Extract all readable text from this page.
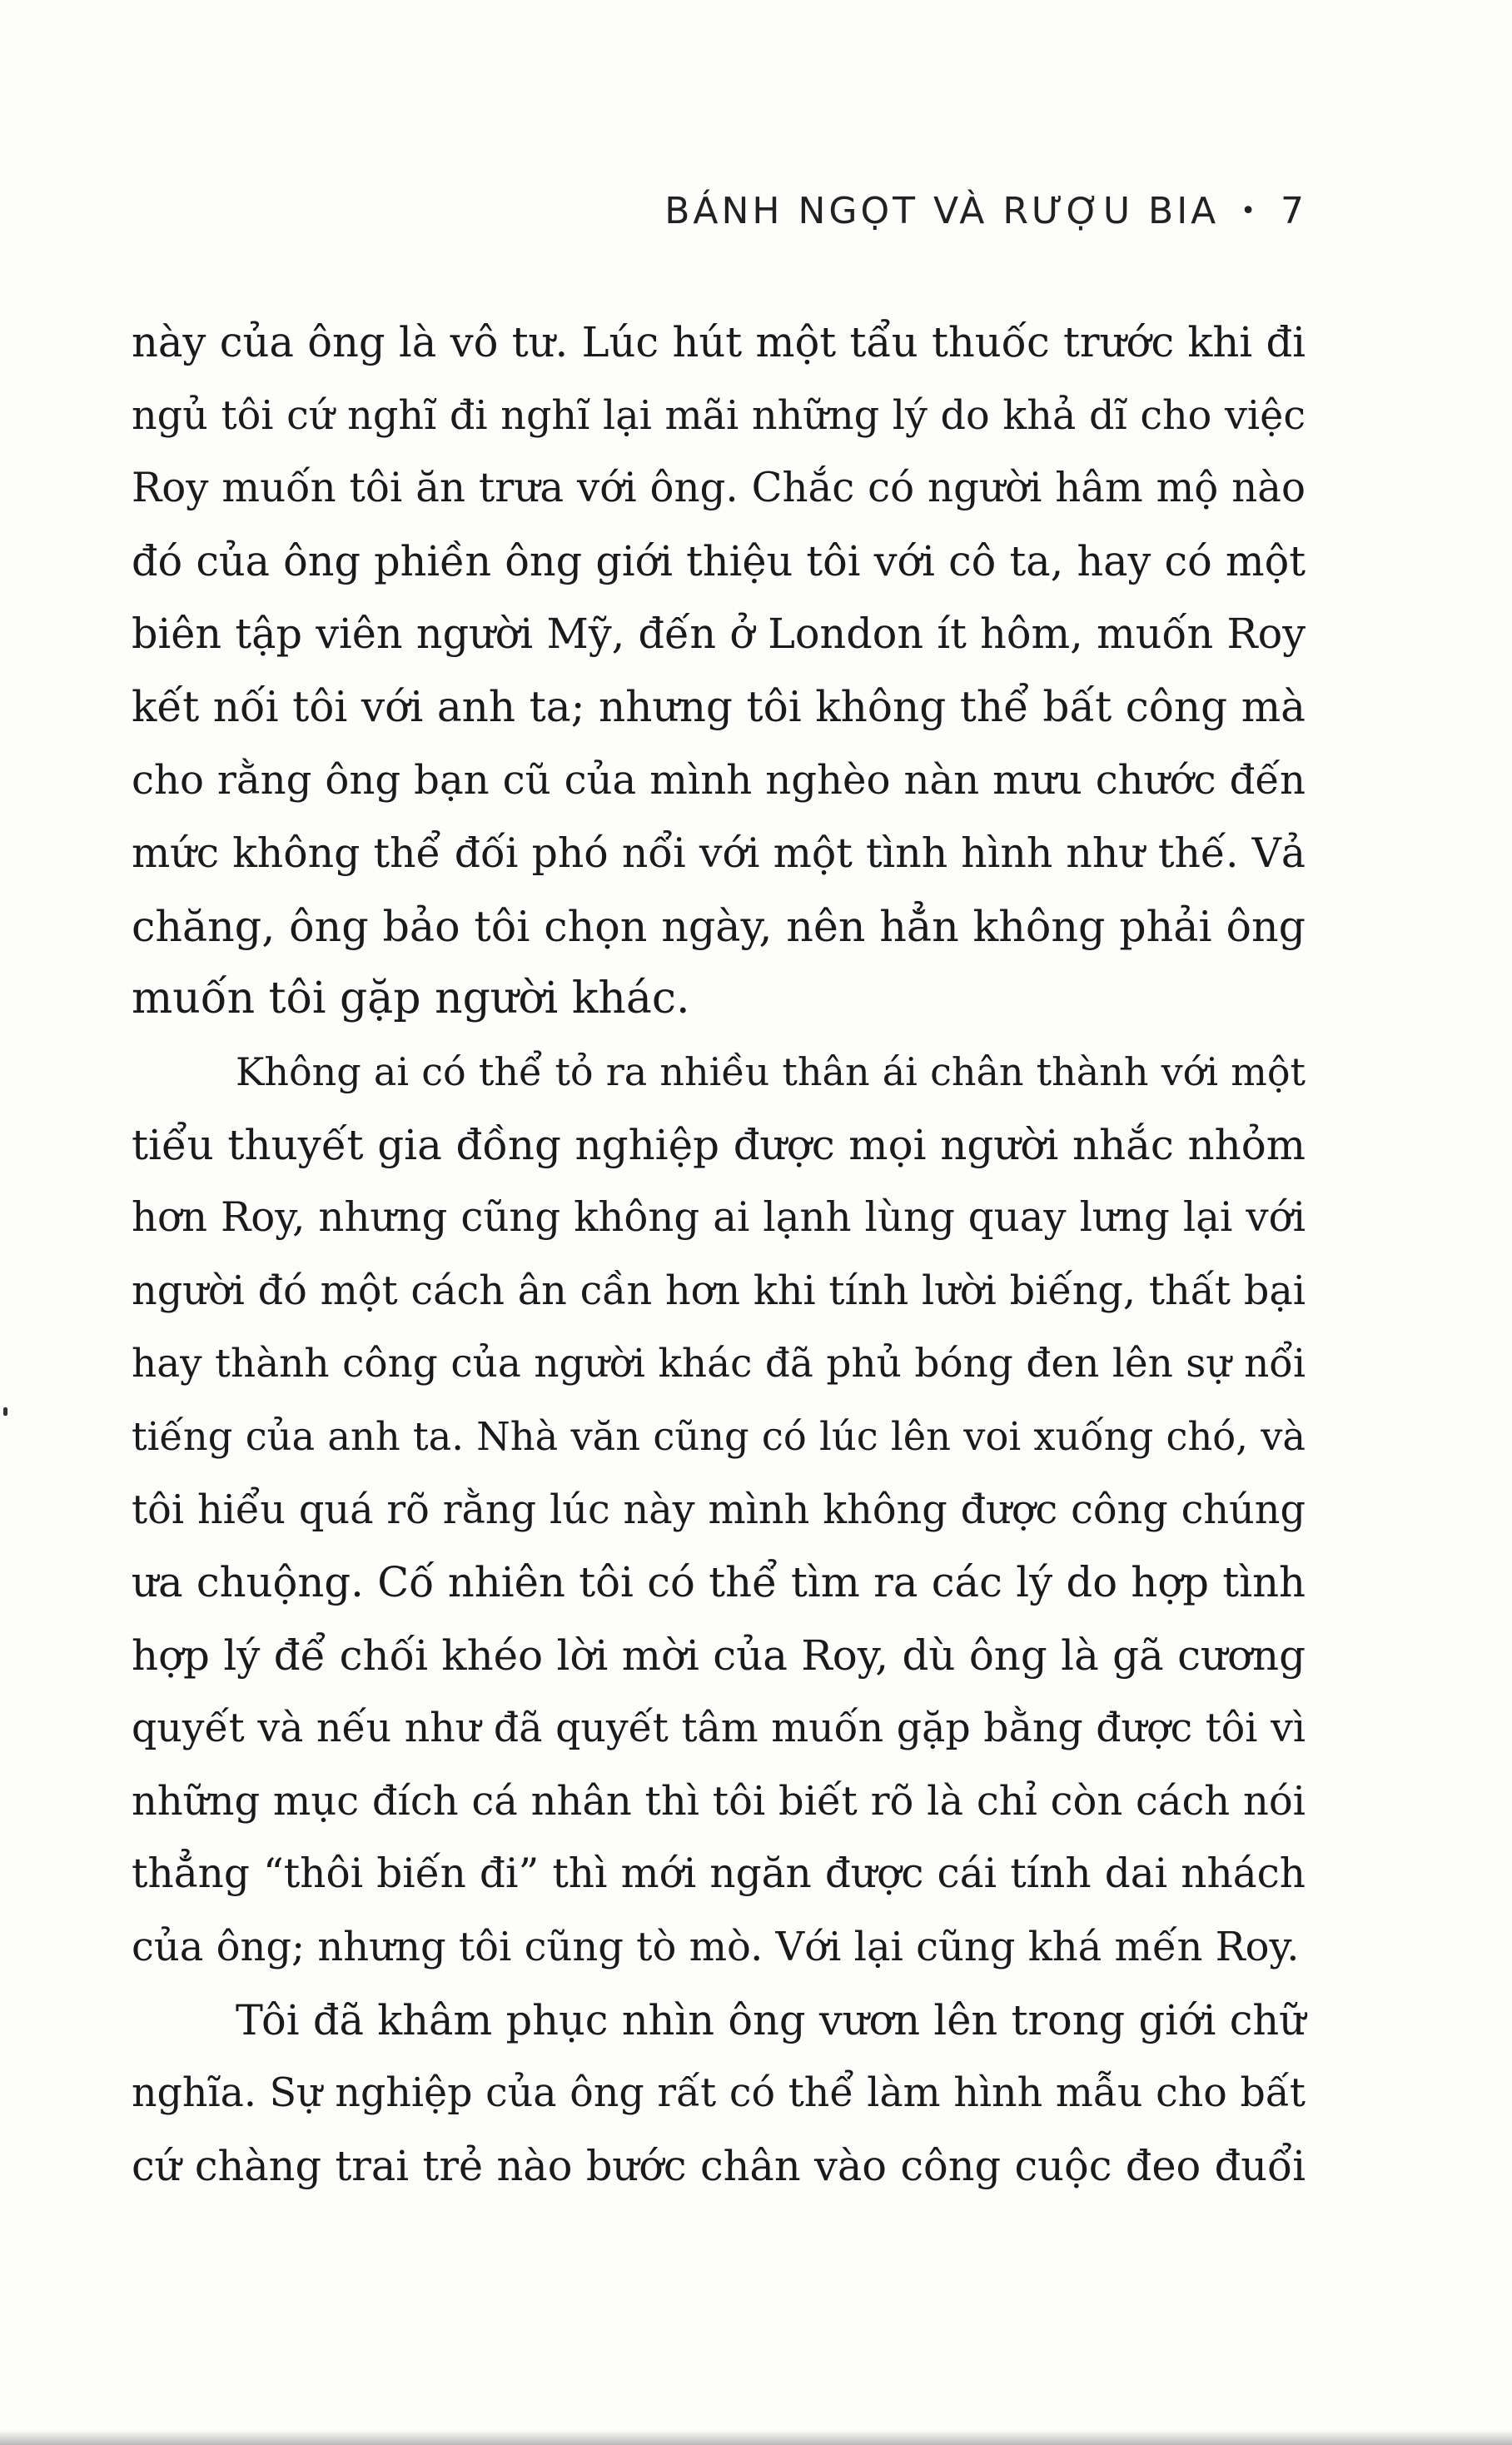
BÁNH NGỌT VÀ RƯỢU BIA • 7
này của ông là vô tư. Lúc hút một tẩu thuốc trước khi đi
ngủ tôi cứ nghĩ đi nghĩ lại mãi những lý do khả dĩ cho việc
Roy muốn tôi ăn trưa với ông. Chắc có người hâm mộ nào
đó của ông phiền ông giới thiệu tôi với cô ta, hay có một
biên tập viên người Mỹ, đến ở London ít hôm, muốn Roy
kết nối tôi với anh ta; nhưng tôi không thể bất công mà
cho rằng ông bạn cũ của mình nghèo nàn mưu chước đến
mức không thể đối phó nổi với một tình hình như thế. Vả
chăng, ông bảo tôi chọn ngày, nên hẳn không phải ông
muốn tôi gặp người khác.
Không ai có thể tỏ ra nhiều thân ái chân thành với một
tiểu thuyết gia đồng nghiệp được mọi người nhắc nhỏm
hơn Roy, nhưng cũng không ai lạnh lùng quay lưng lại với
người đó một cách ân cần hơn khi tính lười biếng, thất bại
hay thành công của người khác đã phủ bóng đen lên sự nổi
tiếng của anh ta. Nhà văn cũng có lúc lên voi xuống chó, và
tôi hiểu quá rõ rằng lúc này mình không được công chúng
ưa chuộng. Cố nhiên tôi có thể tìm ra các lý do hợp tình
hợp lý để chối khéo lời mời của Roy, dù ông là gã cương
quyết và nếu như đã quyết tâm muốn gặp bằng được tôi vì
những mục đích cá nhân thì tôi biết rõ là chỉ còn cách nói
thẳng “thôi biến đi” thì mới ngăn được cái tính dai nhách
của ông; nhưng tôi cũng tò mò. Với lại cũng khá mến Roy.
Tôi đã khâm phục nhìn ông vươn lên trong giới chữ
nghĩa. Sự nghiệp của ông rất có thể làm hình mẫu cho bất
cứ chàng trai trẻ nào bước chân vào công cuộc đeo đuổi
